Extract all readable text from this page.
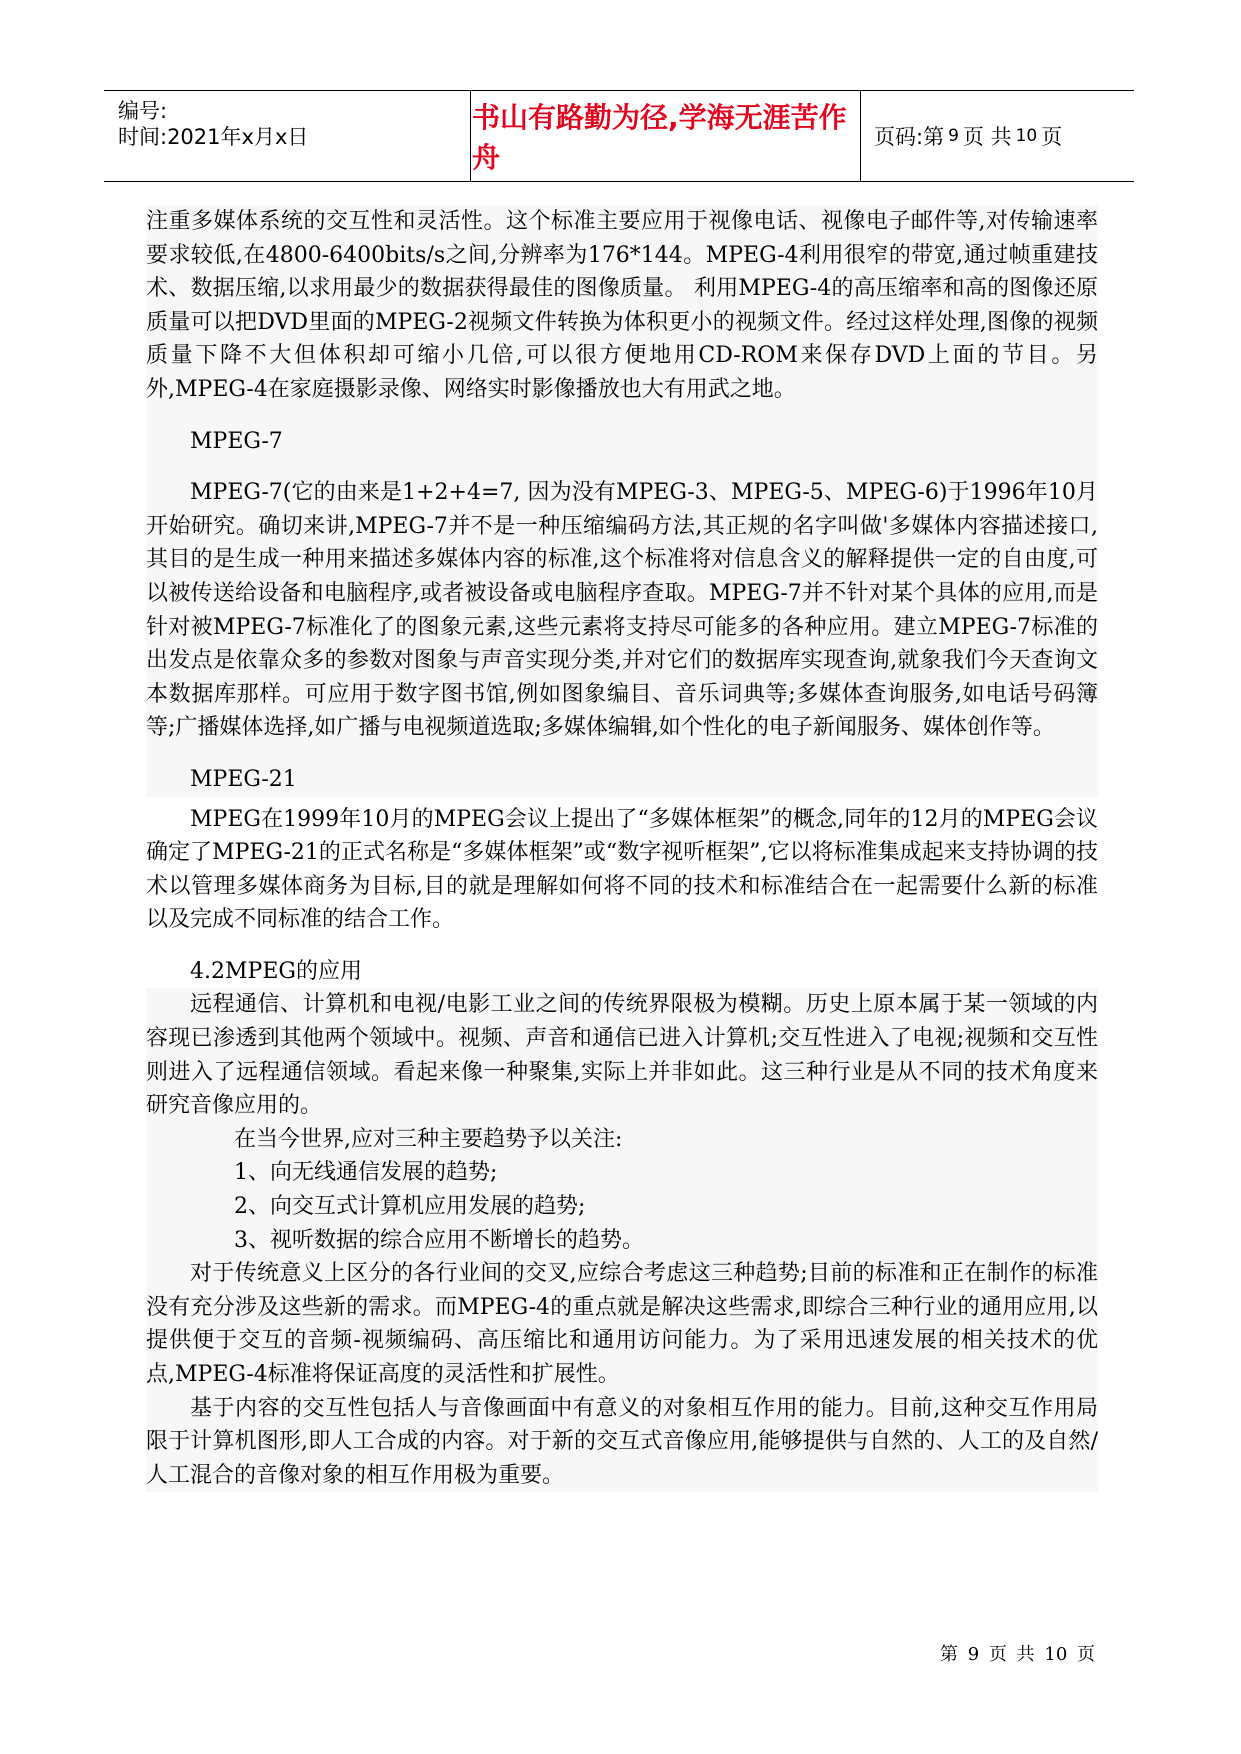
编号:
时间:2021年x月x日
书山有路勤为径,学海无涯苦作舟
页码:第 9 页 共 10 页

注重多媒体系统的交互性和灵活性。这个标准主要应用于视像电话、视像电子邮件等,对传输速率要求较低,在4800-6400bits/s之间,分辨率为176*144。MPEG-4利用很窄的带宽,通过帧重建技术、数据压缩,以求用最少的数据获得最佳的图像质量。 利用MPEG-4的高压缩率和高的图像还原质量可以把DVD里面的MPEG-2视频文件转换为体积更小的视频文件。经过这样处理,图像的视频质量下降不大但体积却可缩小几倍,可以很方便地用CD-ROM来保存DVD上面的节目。另外,MPEG-4在家庭摄影录像、网络实时影像播放也大有用武之地。

MPEG-7

MPEG-7(它的由来是1+2+4=7, 因为没有MPEG-3、MPEG-5、MPEG-6)于1996年10月开始研究。确切来讲,MPEG-7并不是一种压缩编码方法,其正规的名字叫做'多媒体内容描述接口,其目的是生成一种用来描述多媒体内容的标准,这个标准将对信息含义的解释提供一定的自由度,可以被传送给设备和电脑程序,或者被设备或电脑程序查取。MPEG-7并不针对某个具体的应用,而是针对被MPEG-7标准化了的图象元素,这些元素将支持尽可能多的各种应用。建立MPEG-7标准的出发点是依靠众多的参数对图象与声音实现分类,并对它们的数据库实现查询,就象我们今天查询文本数据库那样。可应用于数字图书馆,例如图象编目、音乐词典等;多媒体查询服务,如电话号码簿等;广播媒体选择,如广播与电视频道选取;多媒体编辑,如个性化的电子新闻服务、媒体创作等。

MPEG-21

MPEG在1999年10月的MPEG会议上提出了“多媒体框架”的概念,同年的12月的MPEG会议确定了MPEG-21的正式名称是“多媒体框架”或“数字视听框架”,它以将标准集成起来支持协调的技术以管理多媒体商务为目标,目的就是理解如何将不同的技术和标准结合在一起需要什么新的标准以及完成不同标准的结合工作。

4.2MPEG的应用

远程通信、计算机和电视/电影工业之间的传统界限极为模糊。历史上原本属于某一领域的内容现已渗透到其他两个领域中。视频、声音和通信已进入计算机;交互性进入了电视;视频和交互性则进入了远程通信领域。看起来像一种聚集,实际上并非如此。这三种行业是从不同的技术角度来研究音像应用的。

在当今世界,应对三种主要趋势予以关注:

1、向无线通信发展的趋势;

2、向交互式计算机应用发展的趋势;

3、视听数据的综合应用不断增长的趋势。

对于传统意义上区分的各行业间的交叉,应综合考虑这三种趋势;目前的标准和正在制作的标准没有充分涉及这些新的需求。而MPEG-4的重点就是解决这些需求,即综合三种行业的通用应用,以提供便于交互的音频-视频编码、高压缩比和通用访问能力。为了采用迅速发展的相关技术的优点,MPEG-4标准将保证高度的灵活性和扩展性。

基于内容的交互性包括人与音像画面中有意义的对象相互作用的能力。目前,这种交互作用局限于计算机图形,即人工合成的内容。对于新的交互式音像应用,能够提供与自然的、人工的及自然/人工混合的音像对象的相互作用极为重要。

第 9 页 共 10 页
